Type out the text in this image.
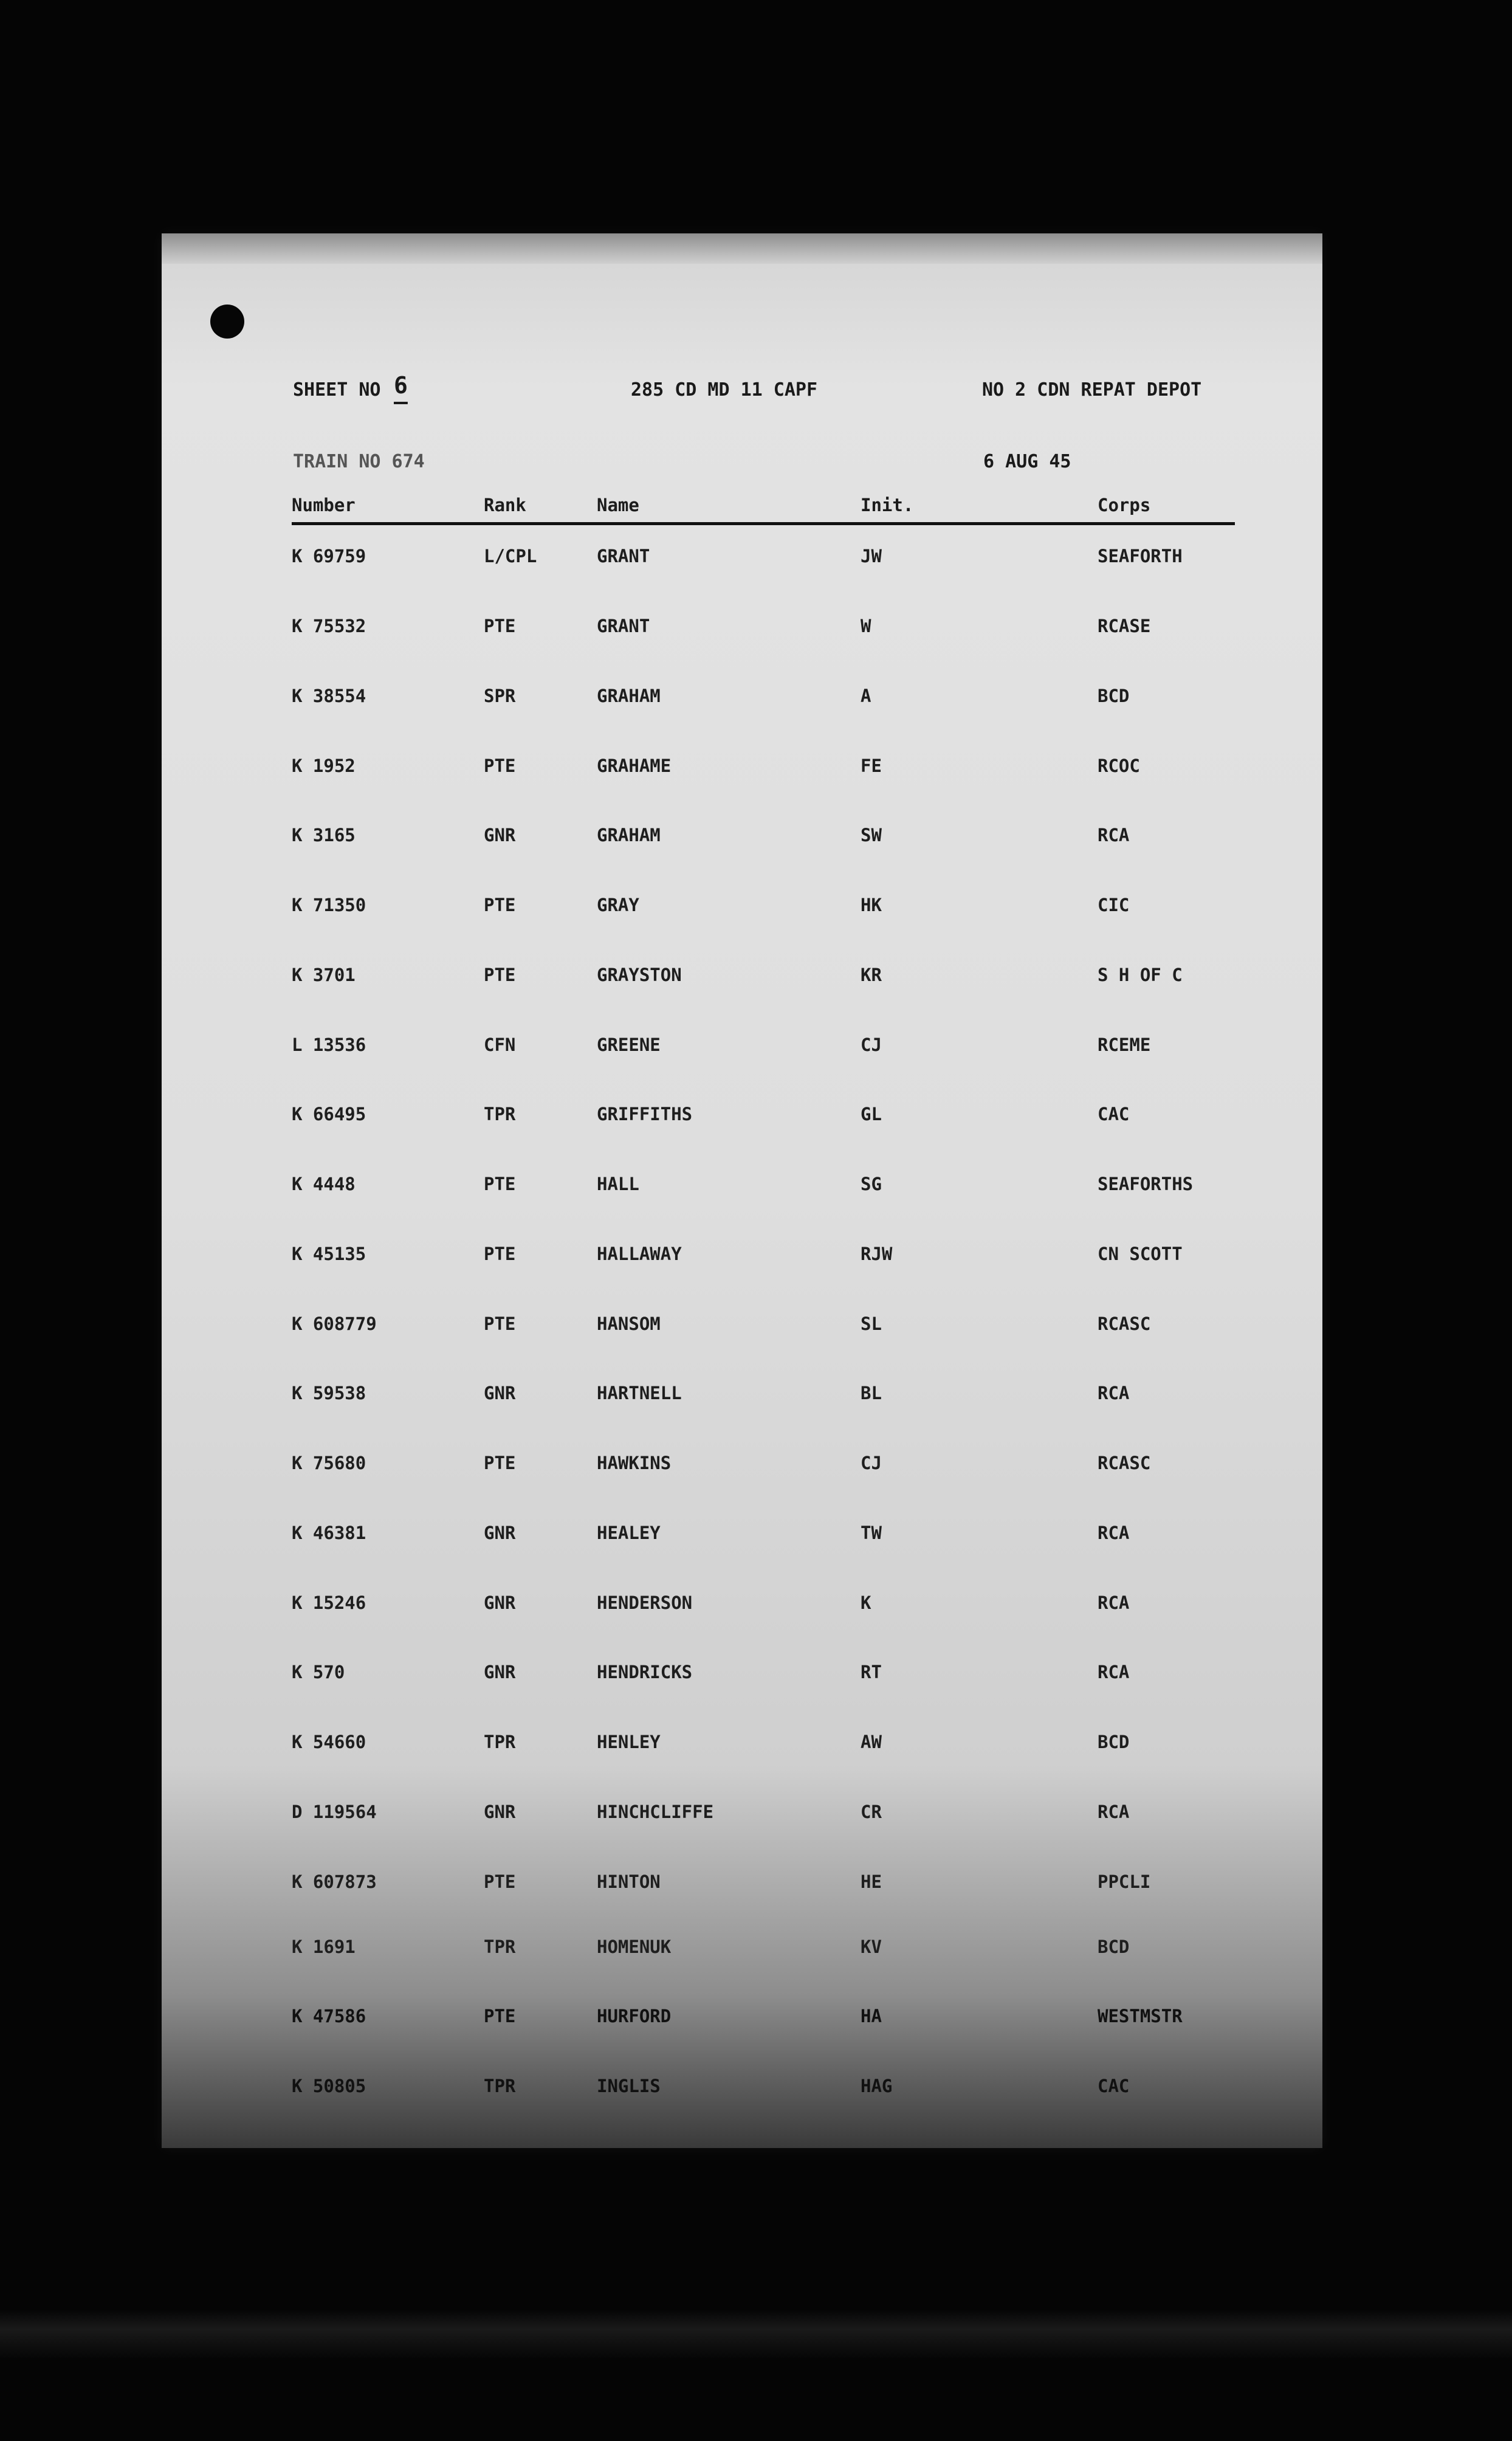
SHEET NO 6	285 CD MD 11 CAPF	NO 2 CDN REPAT DEPOT
TRAIN NO 674	6 AUG 45
Number	Rank	Name	Init.	Corps
K 69759	L/CPL	GRANT	JW	SEAFORTH
K 75532	PTE	GRANT	W	RCASE
K 38554	SPR	GRAHAM	A	BCD
K 1952	PTE	GRAHAME	FE	RCOC
K 3165	GNR	GRAHAM	SW	RCA
K 71350	PTE	GRAY	HK	CIC
K 3701	PTE	GRAYSTON	KR	S H OF C
L 13536	CFN	GREENE	CJ	RCEME
K 66495	TPR	GRIFFITHS	GL	CAC
K 4448	PTE	HALL	SG	SEAFORTHS
K 45135	PTE	HALLAWAY	RJW	CN SCOTT
K 608779	PTE	HANSOM	SL	RCASC
K 59538	GNR	HARTNELL	BL	RCA
K 75680	PTE	HAWKINS	CJ	RCASC
K 46381	GNR	HEALEY	TW	RCA
K 15246	GNR	HENDERSON	K	RCA
K 570	GNR	HENDRICKS	RT	RCA
K 54660	TPR	HENLEY	AW	BCD
D 119564	GNR	HINCHCLIFFE	CR	RCA
K 607873	PTE	HINTON	HE	PPCLI
K 1691	TPR	HOMENUK	KV	BCD
K 47586	PTE	HURFORD	HA	WESTMSTR
K 50805	TPR	INGLIS	HAG	CAC
